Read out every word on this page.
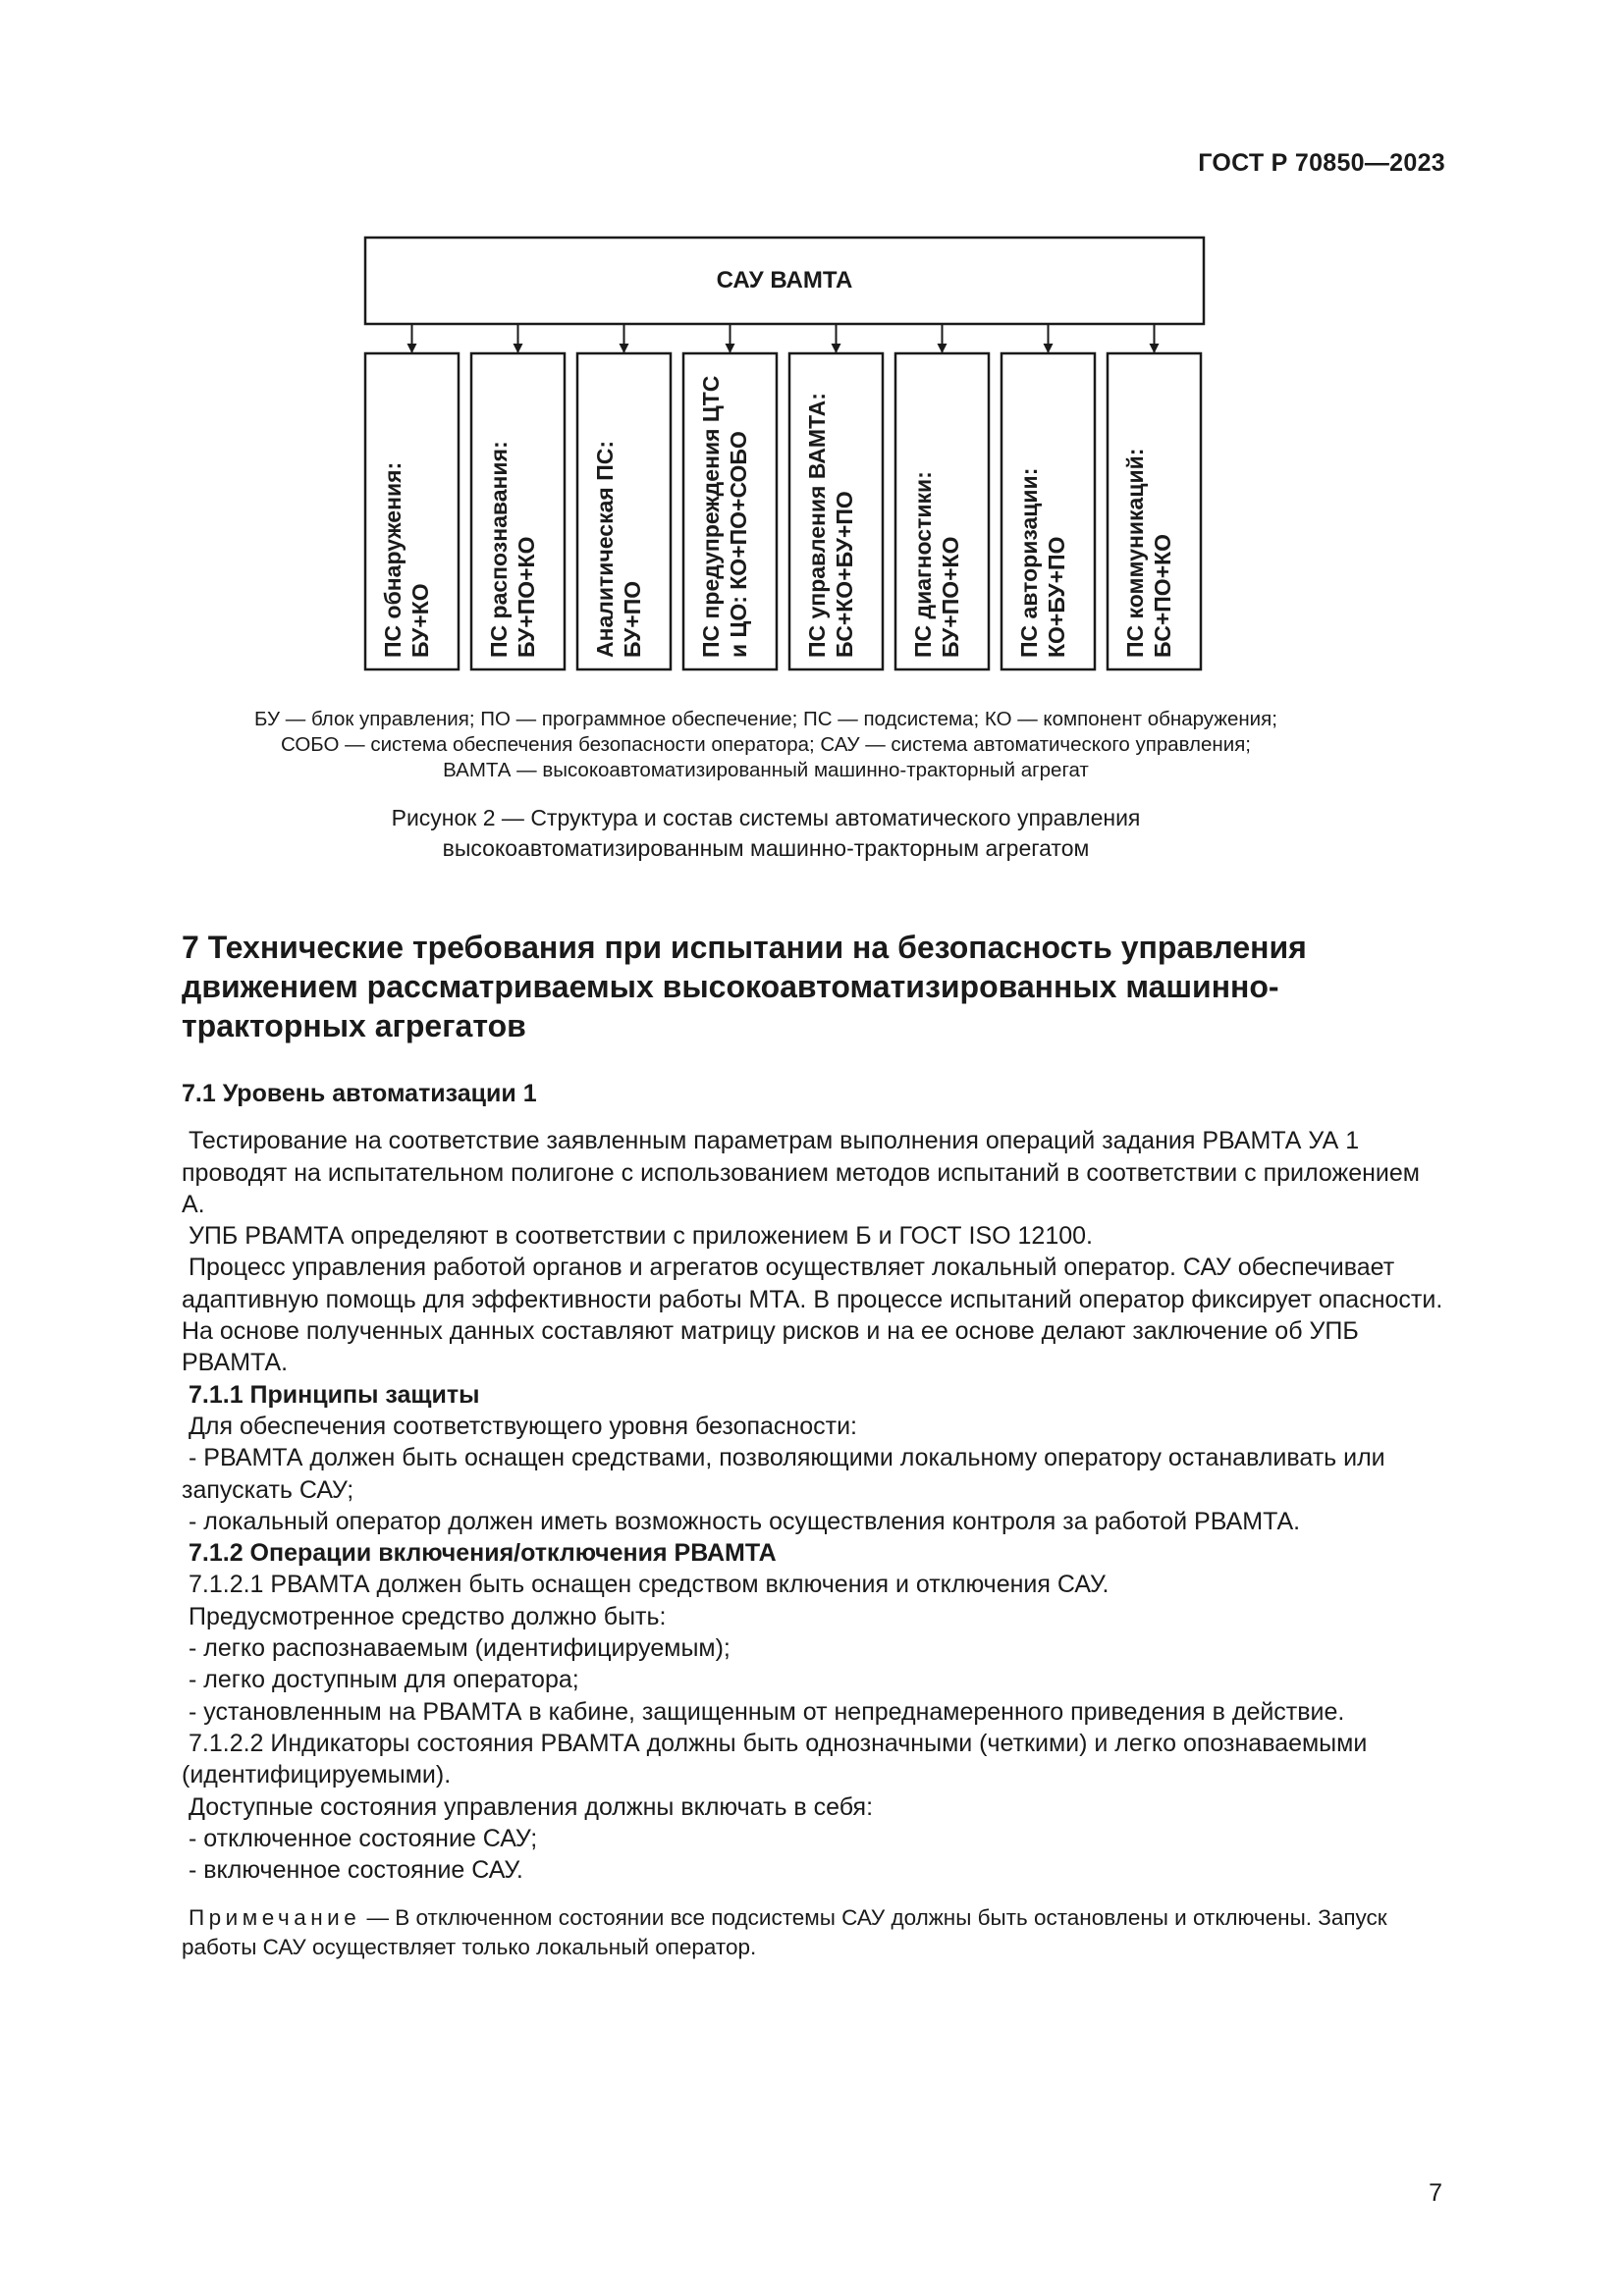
ГОСТ Р 70850—2023
САУ ВАМТА
ПС обнаружения:БУ+КО ПС распознавания:БУ+ПО+КО Аналитическая ПС:БУ+ПО ПС предупреждения ЦТСи ЦО: КО+ПО+СОБО ПС управления ВАМТА:БС+КО+БУ+ПО ПС диагностики:БУ+ПО+КО ПС авторизации:КО+БУ+ПО ПС коммуникаций:БС+ПО+КО
БУ — блок управления; ПО — программное обеспечение; ПС — подсистема; КО — компонент обнаружения;
СОБО — система обеспечения безопасности оператора; САУ — система автоматического управления;
ВАМТА — высокоавтоматизированный машинно-тракторный агрегат
Рисунок 2 — Структура и состав системы автоматического управления
высокоавтоматизированным машинно-тракторным агрегатом
7 Технические требования при испытании на безопасность управления
движением рассматриваемых высокоавтоматизированных машинно-
тракторных агрегатов

7.1 Уровень автоматизации 1

Тестирование на соответствие заявленным параметрам выполнения операций задания РВАМТА УА 1 проводят на испытательном полигоне с использованием методов испытаний в соответствии с приложением А.

УПБ РВАМТА определяют в соответствии с приложением Б и ГОСТ ISO 12100.

Процесс управления работой органов и агрегатов осуществляет локальный оператор. САУ обеспечивает адаптивную помощь для эффективности работы МТА. В процессе испытаний оператор фиксирует опасности. На основе полученных данных составляют матрицу рисков и на ее основе делают заключение об УПБ РВАМТА.

7.1.1 Принципы защиты

Для обеспечения соответствующего уровня безопасности:

- РВАМТА должен быть оснащен средствами, позволяющими локальному оператору останавливать или запускать САУ;

- локальный оператор должен иметь возможность осуществления контроля за работой РВАМТА.

7.1.2 Операции включения/отключения РВАМТА

7.1.2.1 РВАМТА должен быть оснащен средством включения и отключения САУ.

Предусмотренное средство должно быть:

- легко распознаваемым (идентифицируемым);

- легко доступным для оператора;

- установленным на РВАМТА в кабине, защищенным от непреднамеренного приведения в действие.

7.1.2.2 Индикаторы состояния РВАМТА должны быть однозначными (четкими) и легко опознаваемыми (идентифицируемыми).

Доступные состояния управления должны включать в себя:

- отключенное состояние САУ;

- включенное состояние САУ.

Примечание — В отключенном состоянии все подсистемы САУ должны быть остановлены и отключены. Запуск работы САУ осуществляет только локальный оператор.

7
